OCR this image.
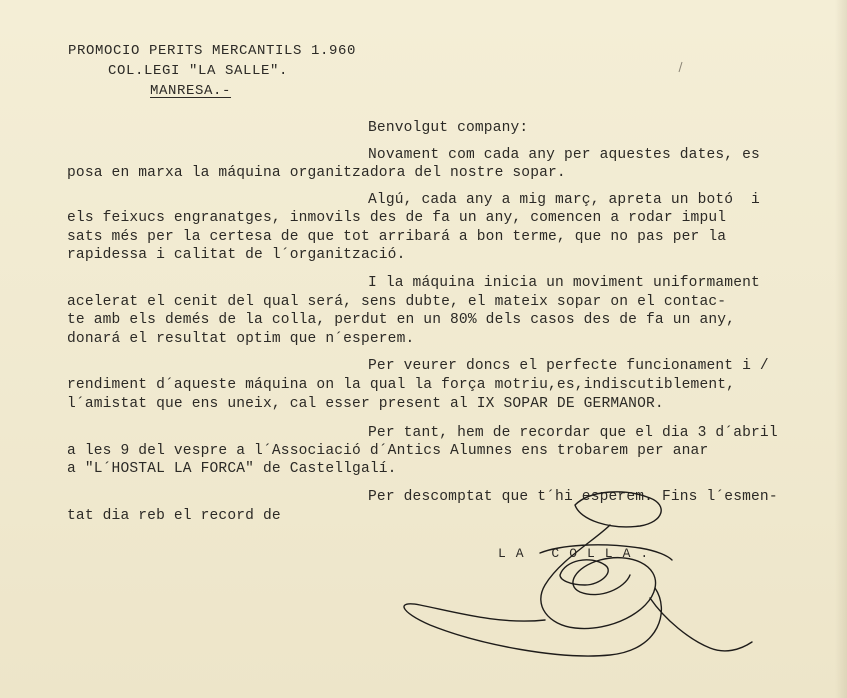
PROMOCIO PERITS MERCANTILS 1.960
COL.LEGI "LA SALLE".
MANRESA.-
Benvolgut company:
Novament com cada any per aquestes dates, es
posa en marxa la máquina organitzadora del nostre sopar.
Algú, cada any a mig març, apreta un botó  i
els feixucs engranatges, inmovils des de fa un any, comencen a rodar impul
sats més per la certesa de que tot arribará a bon terme, que no pas per la
rapidessa i calitat de l´organització.
I la máquina inicia un moviment uniformament
acelerat el cenit del qual será, sens dubte, el mateix sopar on el contac-
te amb els demés de la colla, perdut en un 80% dels casos des de fa un any,
donará el resultat optim que n´esperem.
Per veurer doncs el perfecte funcionament i /
rendiment d´aqueste máquina on la qual la força motriu,es,indiscutiblement,
l´amistat que ens uneix, cal esser present al IX SOPAR DE GERMANOR.
Per tant, hem de recordar que el dia 3 d´abril
a les 9 del vespre a l´Associació d´Antics Alumnes ens trobarem per anar
a "L´HOSTAL LA FORCA" de Castellgalí.
Per descomptat que t´hi esperem. Fins l´esmen-
tat dia reb el record de
LA COLLA.
